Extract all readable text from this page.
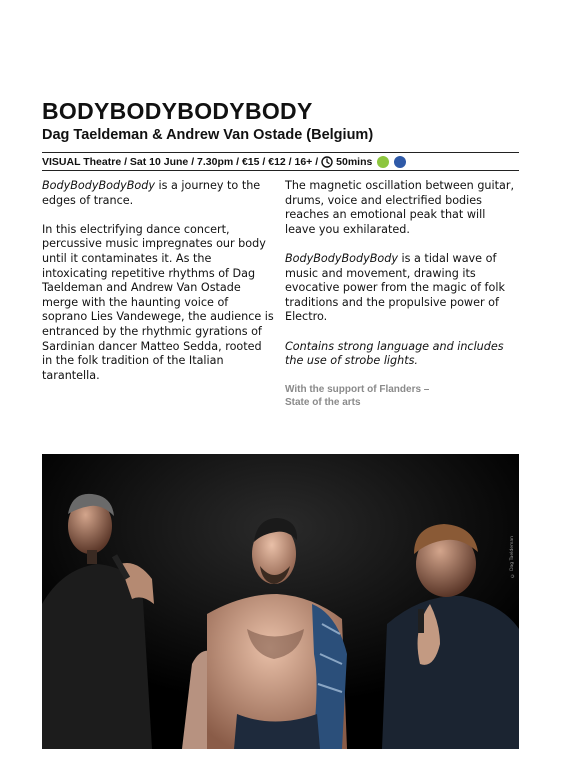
BODYBODYBODYBODY
Dag Taeldeman & Andrew Van Ostade (Belgium)
VISUAL Theatre / Sat 10 June / 7.30pm / €15 / €12 / 16+ / 50mins

BodyBodyBodyBody is a journey to the edges of trance.

In this electrifying dance concert, percussive music impregnates our body until it contaminates it. As the intoxicating repetitive rhythms of Dag Taeldeman and Andrew Van Ostade merge with the haunting voice of soprano Lies Vandewege, the audience is entranced by the rhythmic gyrations of Sardinian dancer Matteo Sedda, rooted in the folk tradition of the Italian tarantella.

The magnetic oscillation between guitar, drums, voice and electrified bodies reaches an emotional peak that will leave you exhilarated.

BodyBodyBodyBody is a tidal wave of music and movement, drawing its evocative power from the magic of folk traditions and the propulsive power of Electro.

Contains strong language and includes the use of strobe lights.

With the support of Flanders –
State of the arts
© Dag Taeldeman
